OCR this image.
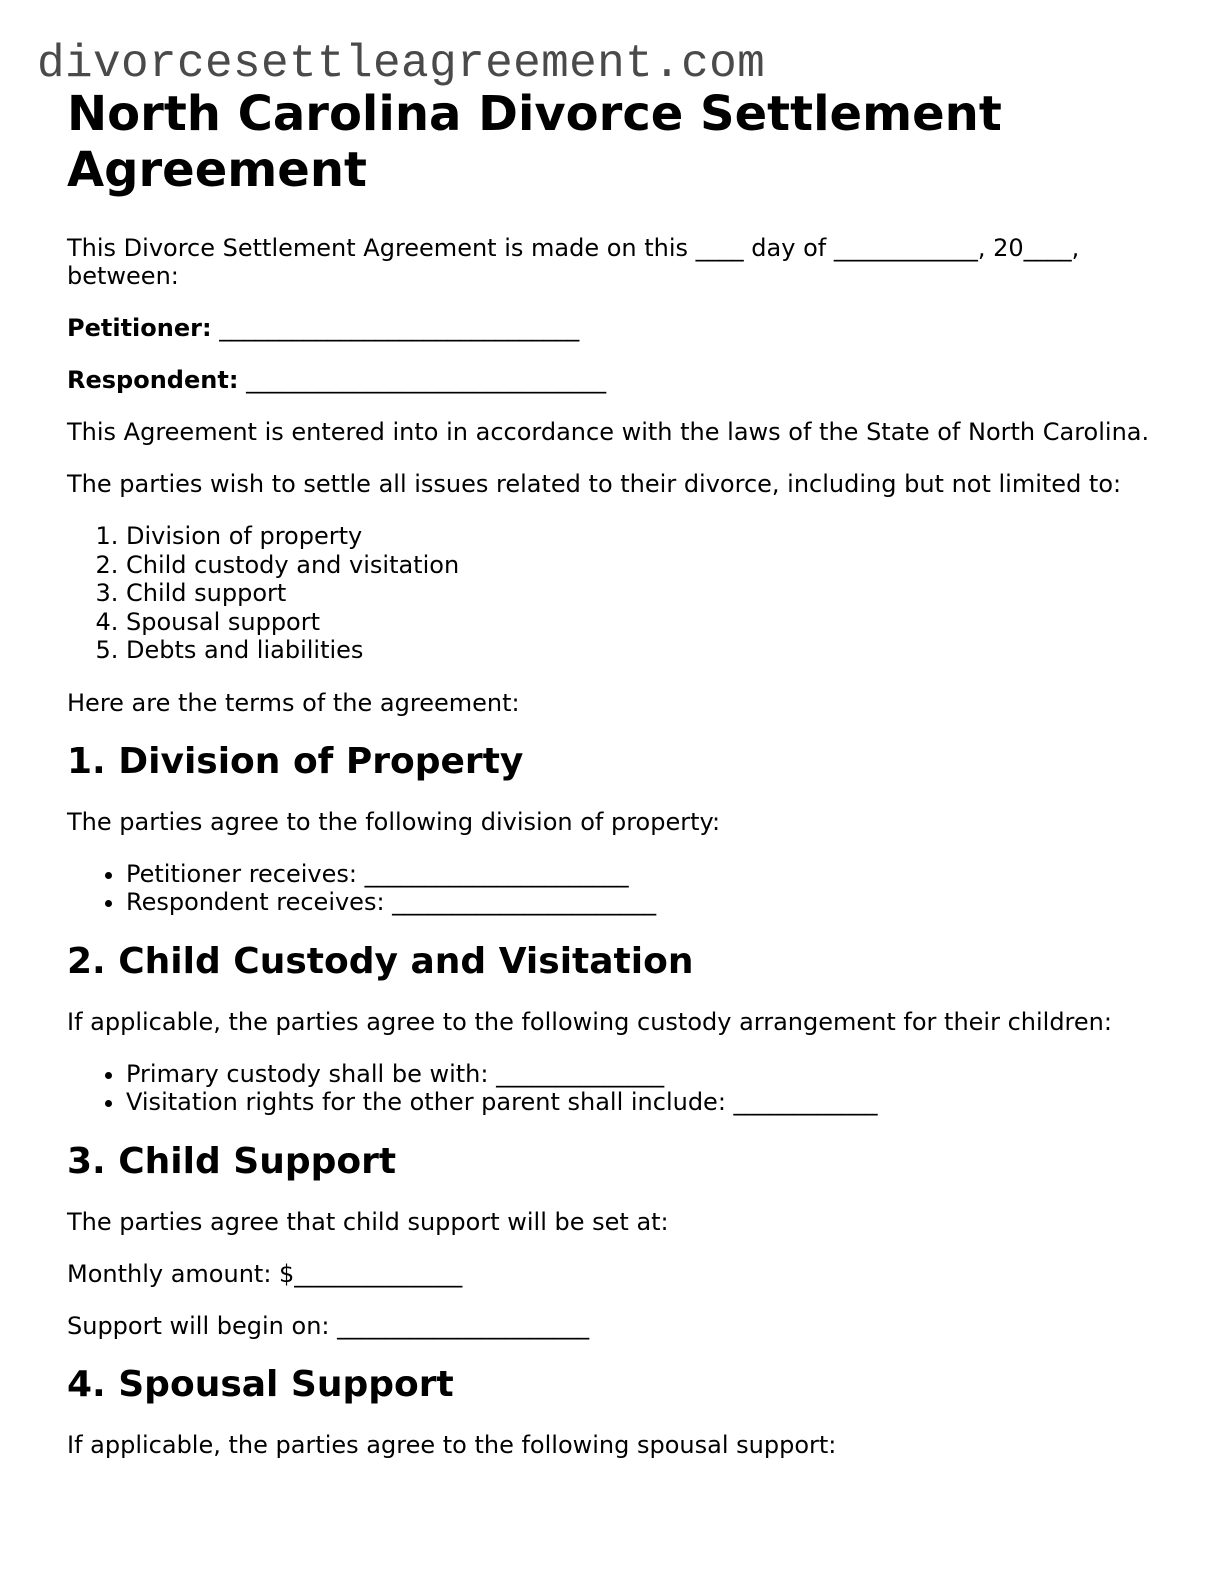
divorcesettleagreement.com
North Carolina Divorce Settlement Agreement

This Divorce Settlement Agreement is made on this ____ day of ____________, 20____, between:

Petitioner: ______________________________

Respondent: ______________________________

This Agreement is entered into in accordance with the laws of the State of North Carolina.

The parties wish to settle all issues related to their divorce, including but not limited to:

1. Division of property
2. Child custody and visitation
3. Child support
4. Spousal support
5. Debts and liabilities

Here are the terms of the agreement:

1. Division of Property

The parties agree to the following division of property:

• Petitioner receives: ______________________
• Respondent receives: ______________________
2. Child Custody and Visitation

If applicable, the parties agree to the following custody arrangement for their children:

• Primary custody shall be with: ______________
• Visitation rights for the other parent shall include: ____________
3. Child Support

The parties agree that child support will be set at:

Monthly amount: $______________

Support will begin on: _____________________

4. Spousal Support

If applicable, the parties agree to the following spousal support:
